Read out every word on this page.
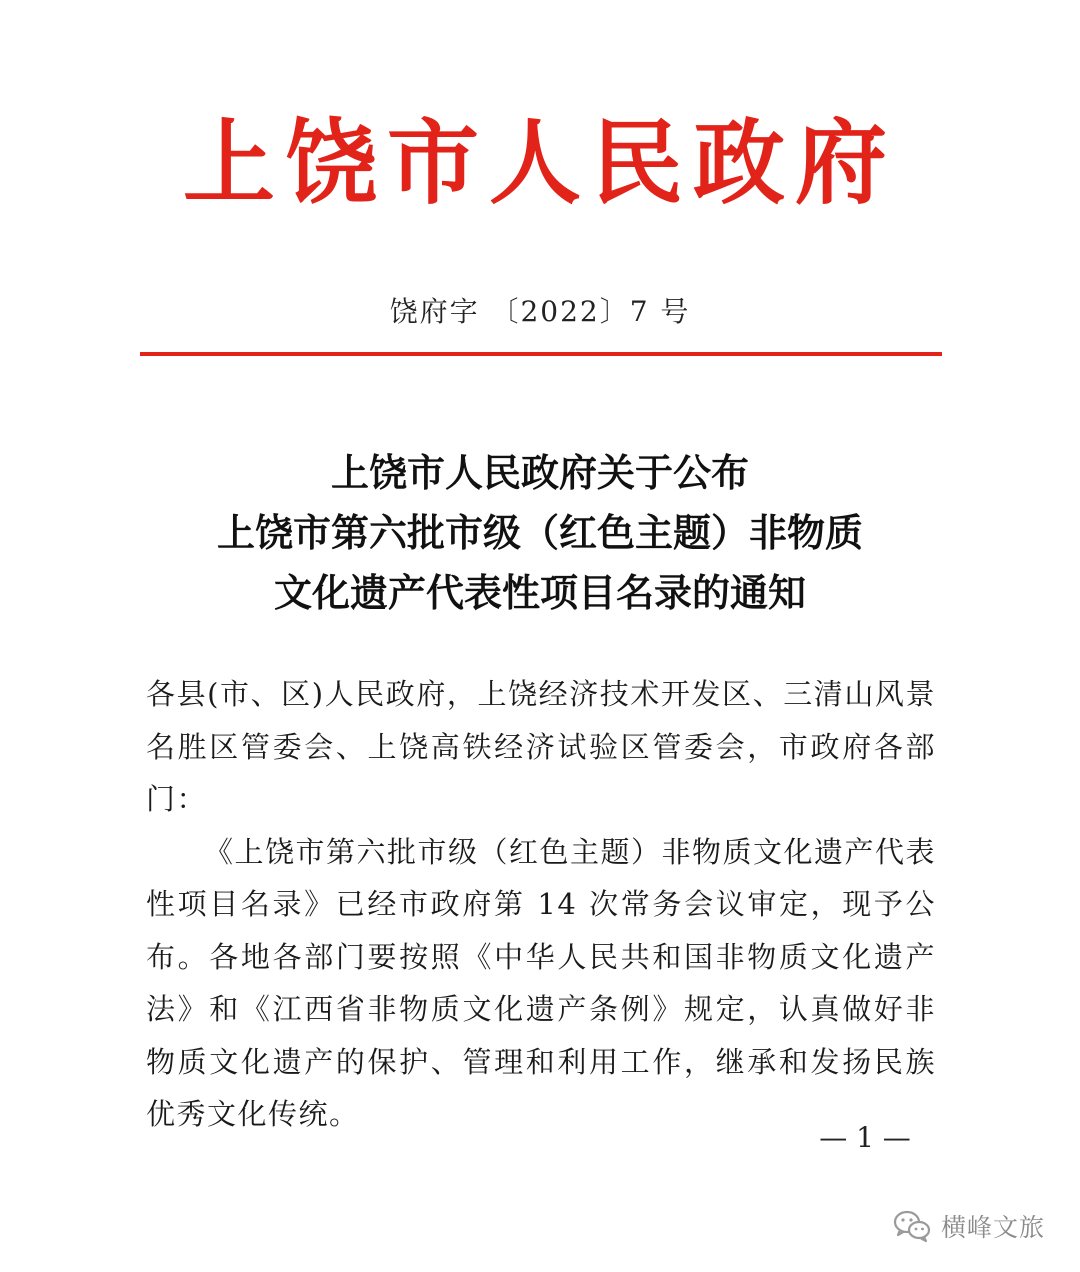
上饶市人民政府
饶府字 〔2022〕7 号
上饶市人民政府关于公布
上饶市第六批市级（红色主题）非物质
文化遗产代表性项目名录的通知

各县(市、区)人民政府，上饶经济技术开发区、三清山风景名胜区管委会、上饶高铁经济试验区管委会，市政府各部门：

《上饶市第六批市级（红色主题）非物质文化遗产代表性项目名录》已经市政府第 14 次常务会议审定，现予公布。各地各部门要按照《中华人民共和国非物质文化遗产法》和《江西省非物质文化遗产条例》规定，认真做好非物质文化遗产的保护、管理和利用工作，继承和发扬民族优秀文化传统。

— 1 —
横峰文旅
